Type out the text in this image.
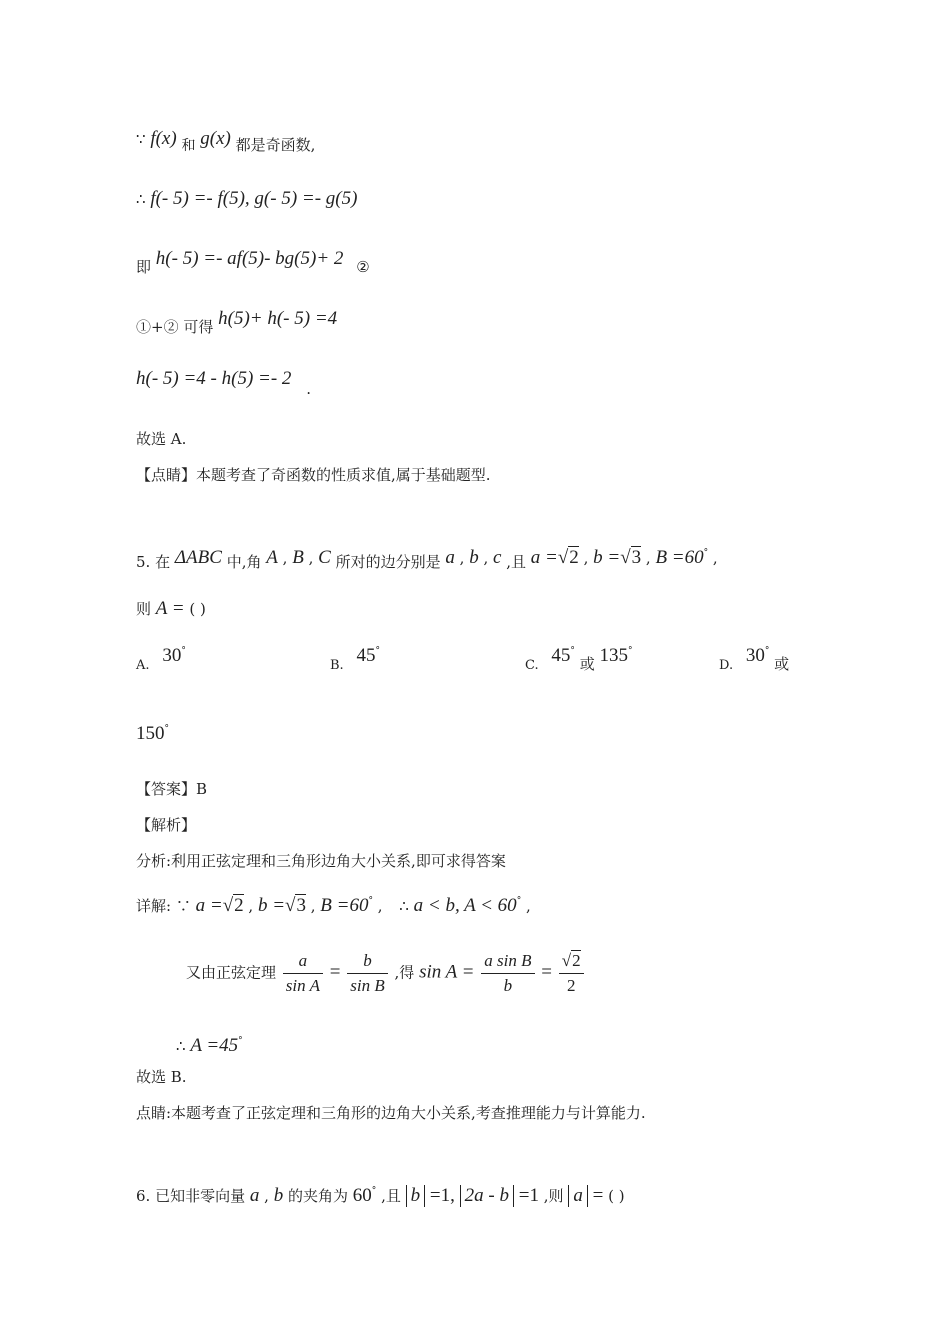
∵ f(x) 和 g(x) 都是奇函数,
∴ f(- 5) =- f(5), g(- 5) =- g(5)
即 h(- 5) =- af(5)- bg(5)+ 2 ②
①+② 可得 h(5)+ h(- 5) =4
h(- 5) =4 - h(5) =- 2 .
故选 A.
【点睛】本题考查了奇函数的性质求值,属于基础题型.
5. 在 ΔABC 中,角 A , B , C 所对的边分别是 a , b , c ,且 a =√2 , b =√3 , B =60° ,
则 A = ( )
A. 30°
B. 45°
C. 45° 或 135°
D. 30° 或
150°
【答案】B
【解析】
分析:利用正弦定理和三角形边角大小关系,即可求得答案
详解: ∵ a =√2 , b =√3 , B =60° , ∴ a < b, A < 60° ,
又由正弦定理 $\frac{a}{\text{sin A}} = \frac{b}{\text{sin B}}$ ,得 $\sin A = \frac{\text{a sin B}}{b} = \frac{√2}{2}$
∴ A =45°
故选 B.
点睛:本题考查了正弦定理和三角形的边角大小关系,考查推理能力与计算能力.
6. 已知非零向量 a , b 的夹角为 60° ,且 b =1, 2a - b =1 ,则 a = ( )
